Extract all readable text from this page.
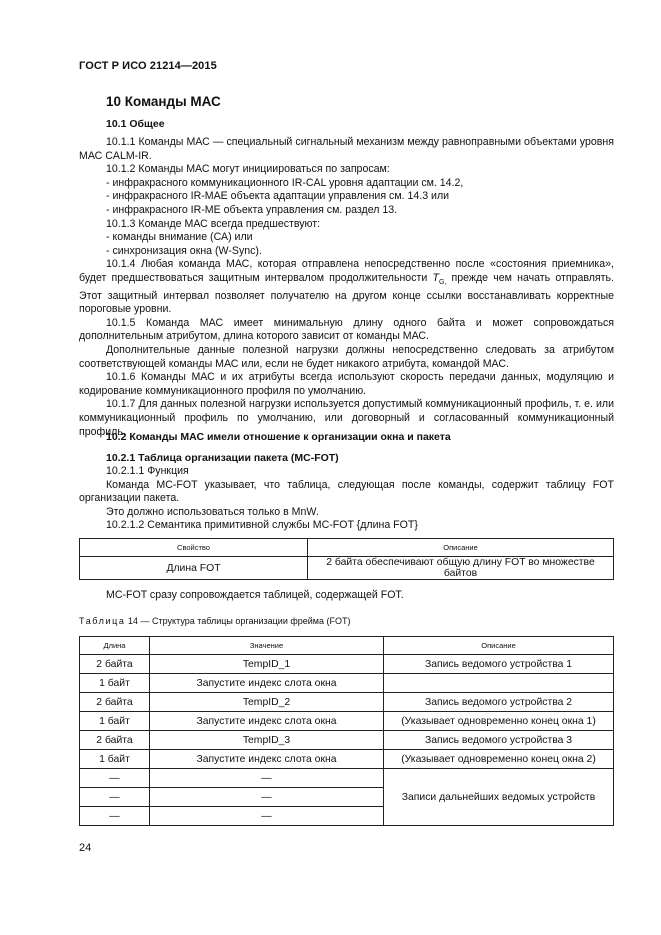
ГОСТ Р ИСО 21214—2015
10 Команды МАС
10.1 Общее

10.1.1 Команды МАС — специальный сигнальный механизм между равноправными объектами уровня МАС CALM-IR.

10.1.2 Команды МАС могут инициироваться по запросам:

- инфракрасного коммуникационного IR-CAL уровня адаптации см. 14.2,

- инфракрасного IR-MAE объекта адаптации управления см. 14.3 или

- инфракрасного IR-ME объекта управления см. раздел 13.

10.1.3 Команде МАС всегда предшествуют:

- команды внимание (СА) или

- синхронизация окна (W-Sync).

10.1.4 Любая команда МАС, которая отправлена непосредственно после «состояния приемника», будет предшествоваться защитным интервалом продолжительности $T_{G,}$ прежде чем начать отправлять. Этот защитный интервал позволяет получателю на другом конце ссылки восстанавливать корректные пороговые уровни.

10.1.5 Команда МАС имеет минимальную длину одного байта и может сопровождаться дополнительным атрибутом, длина которого зависит от команды МАС.

Дополнительные данные полезной нагрузки должны непосредственно следовать за атрибутом соответствующей команды МАС или, если не будет никакого атрибута, командой МАС.

10.1.6 Команды МАС и их атрибуты всегда используют скорость передачи данных, модуляцию и кодирование коммуникационного профиля по умолчанию.

10.1.7 Для данных полезной нагрузки используется допустимый коммуникационный профиль, т. е. или коммуникационный профиль по умолчанию, или договорный и согласованный коммуникационный профиль.

10.2 Команды МАС имели отношение к организации окна и пакета
10.2.1 Таблица организации пакета (MC-FOT)

10.2.1.1 Функция

Команда MC-FOT указывает, что таблица, следующая после команды, содержит таблицу FOT организации пакета.

Это должно использоваться только в MnW.

10.2.1.2 Семантика примитивной службы MC-FOT {длина FOT}

Свойство	Описание
Длина FOT	2 байта обеспечивают общую длину FOT во множестве байтов

MC-FOT сразу сопровождается таблицей, содержащей FOT.

Таблица 14 — Структура таблицы организации фрейма (FOT)
Длина	Значение	Описание
2 байта	TempID_1	Запись ведомого устройства 1
1 байт	Запустите индекс слота окна	
2 байта	TempID_2	Запись ведомого устройства 2
1 байт	Запустите индекс слота окна	(Указывает одновременно конец окна 1)
2 байта	TempID_3	Запись ведомого устройства 3
1 байт	Запустите индекс слота окна	(Указывает одновременно конец окна 2)
—	—	Записи дальнейших ведомых устройств
—	—	
—	—	
24
